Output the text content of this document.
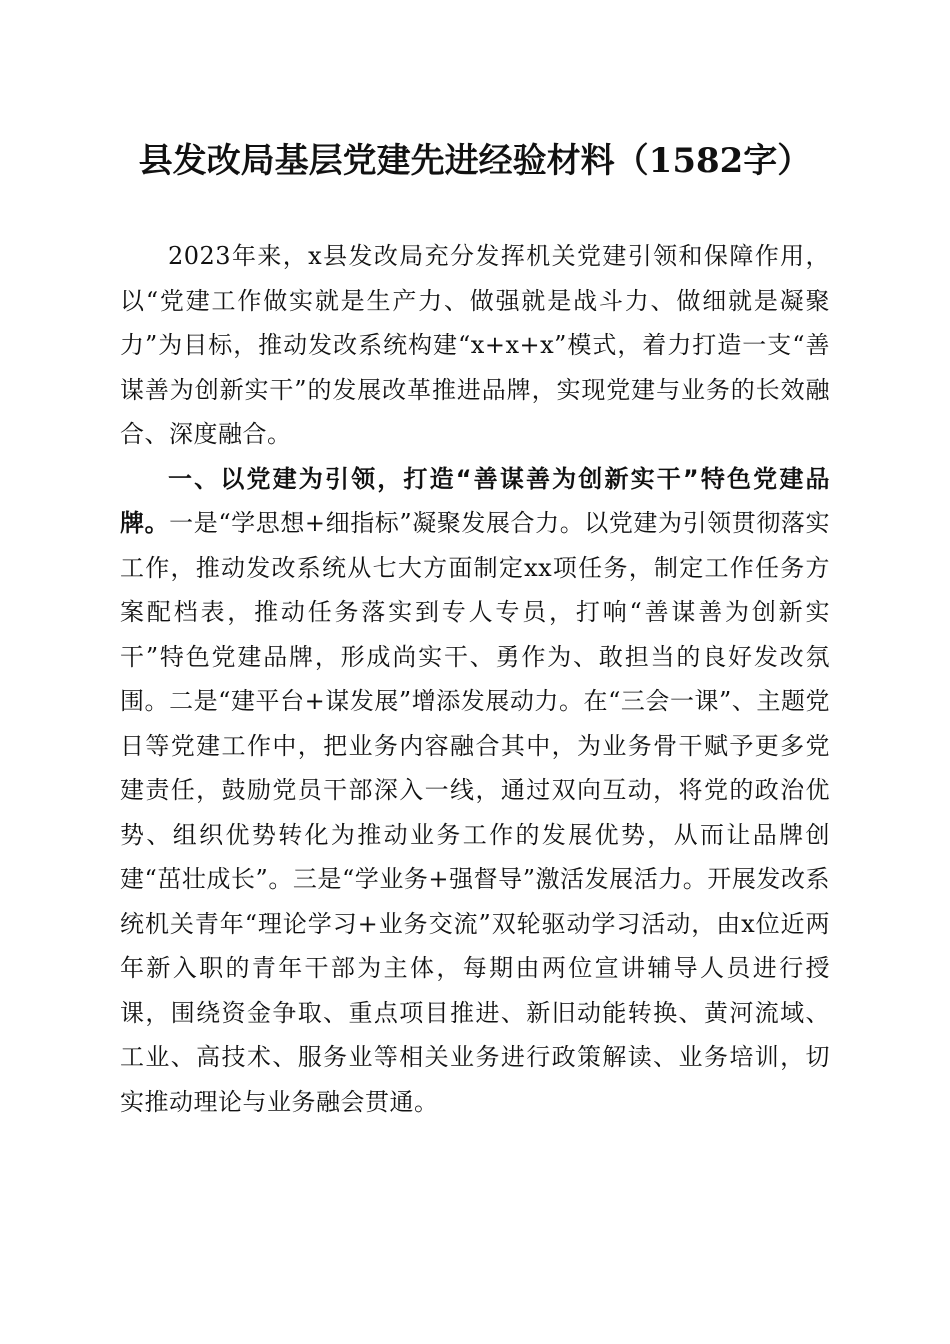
县发改局基层党建先进经验材料（1582字）

2023年来，x县发改局充分发挥机关党建引领和保障作用，以“党建工作做实就是生产力、做强就是战斗力、做细就是凝聚力”为目标，推动发改系统构建“x+x+x”模式，着力打造一支“善谋善为创新实干”的发展改革推进品牌，实现党建与业务的长效融合、深度融合。

一、以党建为引领，打造“善谋善为创新实干”特色党建品牌。一是“学思想+细指标”凝聚发展合力。以党建为引领贯彻落实工作，推动发改系统从七大方面制定xx项任务，制定工作任务方案配档表，推动任务落实到专人专员，打响“善谋善为创新实干”特色党建品牌，形成尚实干、勇作为、敢担当的良好发改氛围。二是“建平台+谋发展”增添发展动力。在“三会一课”、主题党日等党建工作中，把业务内容融合其中，为业务骨干赋予更多党建责任，鼓励党员干部深入一线，通过双向互动，将党的政治优势、组织优势转化为推动业务工作的发展优势，从而让品牌创建“茁壮成长”。三是“学业务+强督导”激活发展活力。开展发改系统机关青年“理论学习+业务交流”双轮驱动学习活动，由x位近两年新入职的青年干部为主体，每期由两位宣讲辅导人员进行授课，围绕资金争取、重点项目推进、新旧动能转换、黄河流域、工业、高技术、服务业等相关业务进行政策解读、业务培训，切实推动理论与业务融会贯通。
